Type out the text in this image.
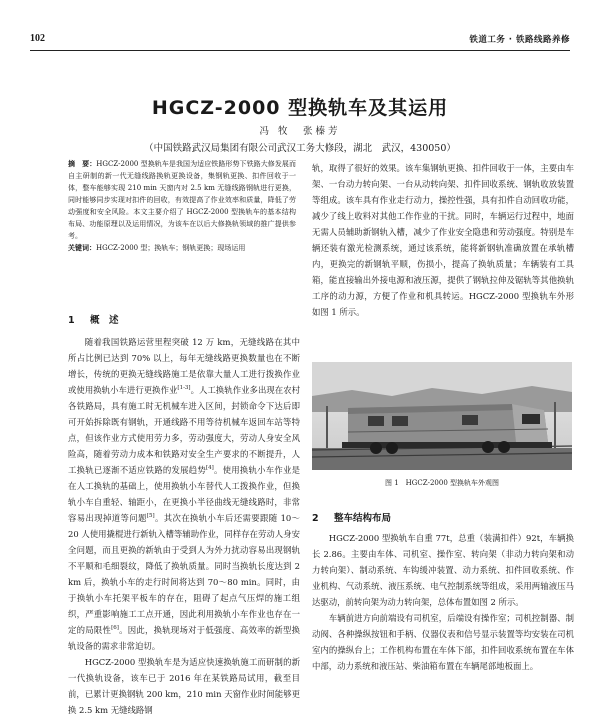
102	铁道工务 · 铁路线路养修
HGCZ-2000 型换轨车及其运用
冯 牧　张榛芳
（中国铁路武汉局集团有限公司武汉工务大修段，湖北　武汉，430050）
摘　要：HGCZ-2000 型换轨车是我国为适应铁路形势下铁路大修发展而自主研制的新一代无缝线路换轨更换设备，集钢轨更换、扣件回收于一体，整车能够实现 210 min 天窗内对 2.5 km 无缝线路钢轨进行更换，同时能够同步实现对扣件的回收，有效提高了作业效率和质量，降低了劳动强度和安全风险。本文主要介绍了 HGCZ-2000 型换轨车的基本结构布局、功能原理以及运用情况，为该车在以后大修换轨领域的推广提供参考。
关键词：HGCZ-2000 型；换轨车；钢轨更换；现场运用
1 概　述

随着我国铁路运营里程突破 12 万 km，无缝线路在其中所占比例已达到 70% 以上，每年无缝线路更换数量也在不断增长，传统的更换无缝线路施工是依靠大量人工进行拨换作业或使用换轨小车进行更换作业[1-3]。人工换轨作业多出现在农村各铁路局，具有施工时无机械车进入区间，封锁命令下达后即可开始拆除既有钢轨，开通线路不用等待机械车返回车站等特点，但该作业方式使用劳力多，劳动强度大，劳动人身安全风险高，随着劳动力成本和铁路对安全生产要求的不断提升，人工换轨已逐渐不适应铁路的发展趋势[4]。使用换轨小车作业是在人工换轨的基础上，使用换轨小车替代人工拨换作业，但换轨小车自重轻、轴距小，在更换小半径曲线无缝线路时，非常容易出现掉道等问题[5]。其次在换轨小车后还需要跟随 10～20 人使用撬棍进行新轨入槽等辅助作业，同样存在劳动人身安全问题，而且更换的新轨由于受到人为外力扰动容易出现钢轨不平顺和毛细裂纹，降低了换轨质量。同时当换轨长度达到 2 km 后，换轨小车的走行时间将达到 70～80 min。同时，由于换轨小车托架平板车的存在，阻碍了起点气压焊的施工组织，严重影响施工工点开通，因此利用换轨小车作业也存在一定的局限性[6]。因此，换轨现场对于低强度、高效率的新型换轨设备的需求非常迫切。

HGCZ-2000 型换轨车是为适应快速换轨施工而研制的新一代换轨设备，该车已于 2016 年在某铁路局试用，截至目前，已累计更换钢轨 200 km，210 min 天窗作业时间能够更换 2.5 km 无缝线路钢

轨，取得了很好的效果。该车集钢轨更换、扣件回收于一体，主要由车架、一台动力转向架、一台从动转向架、扣件回收系统、钢轨收放装置等组成。该车具有作业走行动力，操控性强，具有扣件自动回收功能，减少了线上收料对其他工作作业的干扰。同时，车辆运行过程中，地面无需人员辅助新钢轨入槽，减少了作业安全隐患和劳动强度。特别是车辆还装有激光检测系统，通过该系统，能将新钢轨准确放置在承轨槽内，更换完的新钢轨平顺，伤损小，提高了换轨质量；车辆装有工具箱，能直接输出外接电源和液压源，提供了钢轨拉伸及锯轨等其他换轨工序的动力源，方便了作业和机具转运。HGCZ-2000 型换轨车外形如图 1 所示。

图 1　HGCZ-2000 型换轨车外观图
2 整车结构布局

HGCZ-2000 型换轨车自重 77t，总重（装满扣件）92t，车辆换长 2.86。主要由车体、司机室、操作室、转向架（非动力转向架和动力转向架）、制动系统、车钩缓冲装置、动力系统、扣件回收系统、作业机构、气动系统、液压系统、电气控制系统等组成，采用两轴液压马达驱动，前转向架为动力转向架，总体布置如图 2 所示。

车辆前进方向前端设有司机室，后端设有操作室；司机控制器、制动阀、各种操纵按钮和手柄、仪器仪表和信号显示装置等均安装在司机室内的操纵台上；工作机构布置在车体下部，扣件回收系统布置在车体中部，动力系统和液压站、柴油箱布置在车辆尾部地板面上。
